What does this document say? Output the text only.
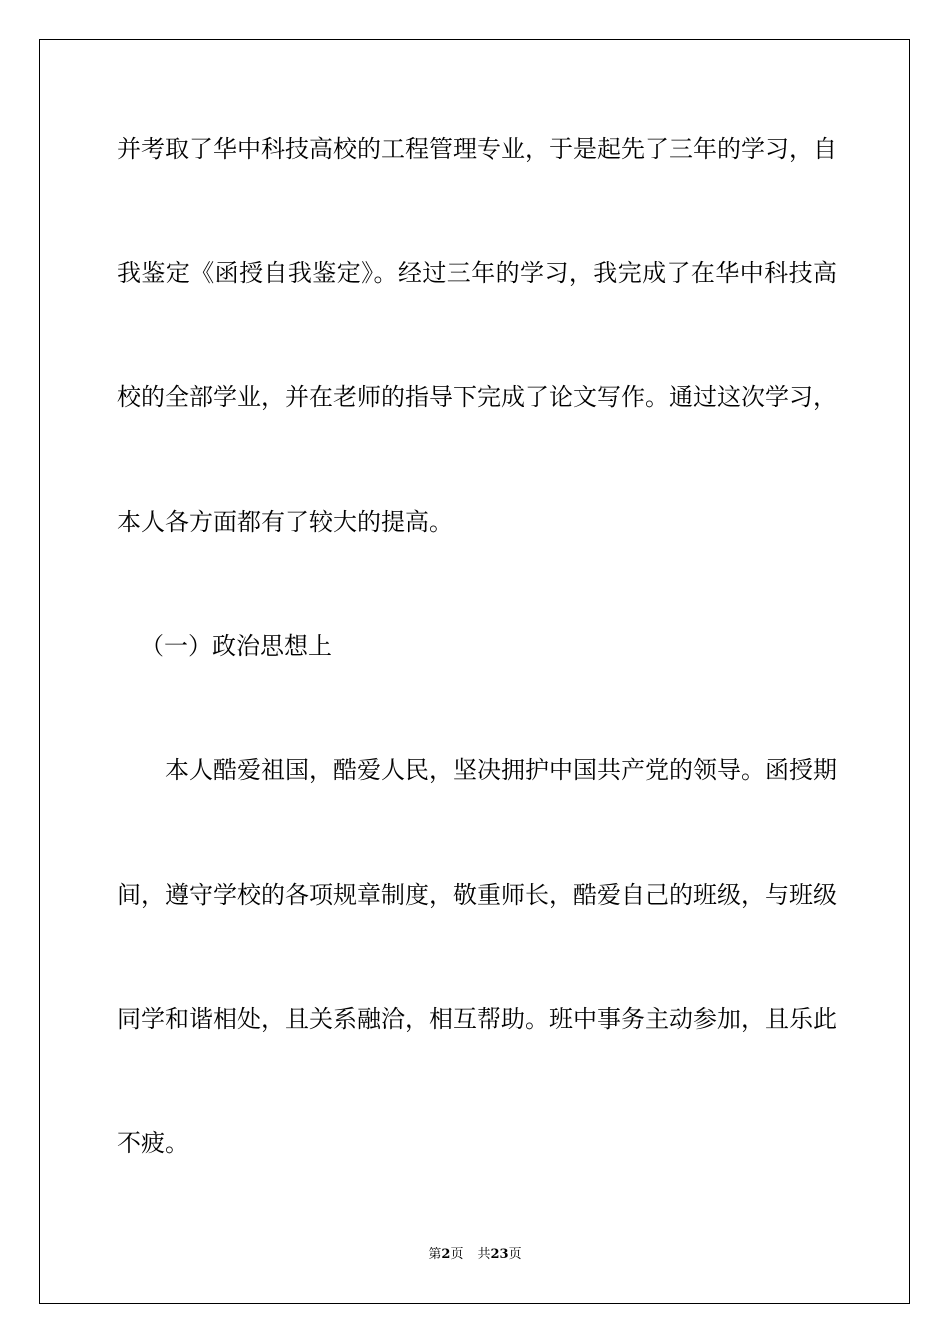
并考取了华中科技高校的工程管理专业，于是起先了三年的学习，自
我鉴定《函授自我鉴定》。经过三年的学习，我完成了在华中科技高
校的全部学业，并在老师的指导下完成了论文写作。通过这次学习，
本人各方面都有了较大的提高。
（一）政治思想上
本人酷爱祖国，酷爱人民，坚决拥护中国共产党的领导。函授期
间，遵守学校的各项规章制度，敬重师长，酷爱自己的班级，与班级
同学和谐相处，且关系融洽，相互帮助。班中事务主动参加，且乐此
不疲。
第2页 共23页
